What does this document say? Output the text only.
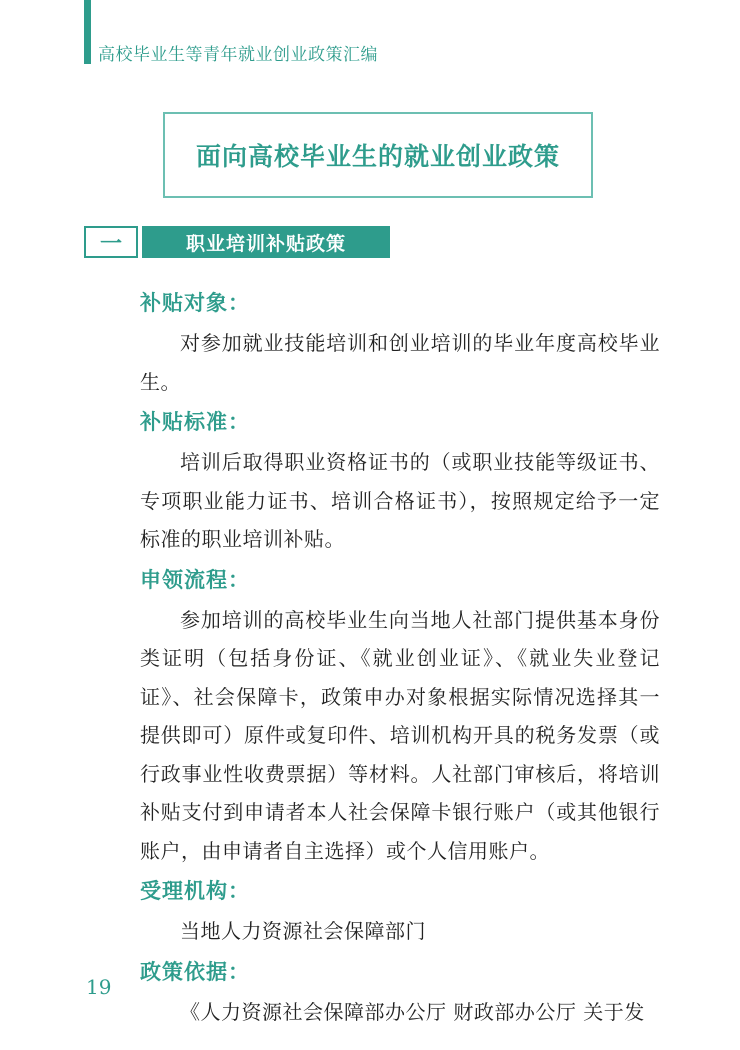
高校毕业生等青年就业创业政策汇编
面向高校毕业生的就业创业政策
一	职业培训补贴政策
补贴对象：

对参加就业技能培训和创业培训的毕业年度高校毕业生。

补贴标准：

培训后取得职业资格证书的（或职业技能等级证书、专项职业能力证书、培训合格证书），按照规定给予一定标准的职业培训补贴。

申领流程：

参加培训的高校毕业生向当地人社部门提供基本身份类证明（包括身份证、《就业创业证》、《就业失业登记证》、社会保障卡，政策申办对象根据实际情况选择其一提供即可）原件或复印件、培训机构开具的税务发票（或行政事业性收费票据）等材料。人社部门审核后，将培训补贴支付到申请者本人社会保障卡银行账户（或其他银行账户，由申请者自主选择）或个人信用账户。

受理机构：

当地人力资源社会保障部门

政策依据：

《人力资源社会保障部办公厅 财政部办公厅 关于发

19
